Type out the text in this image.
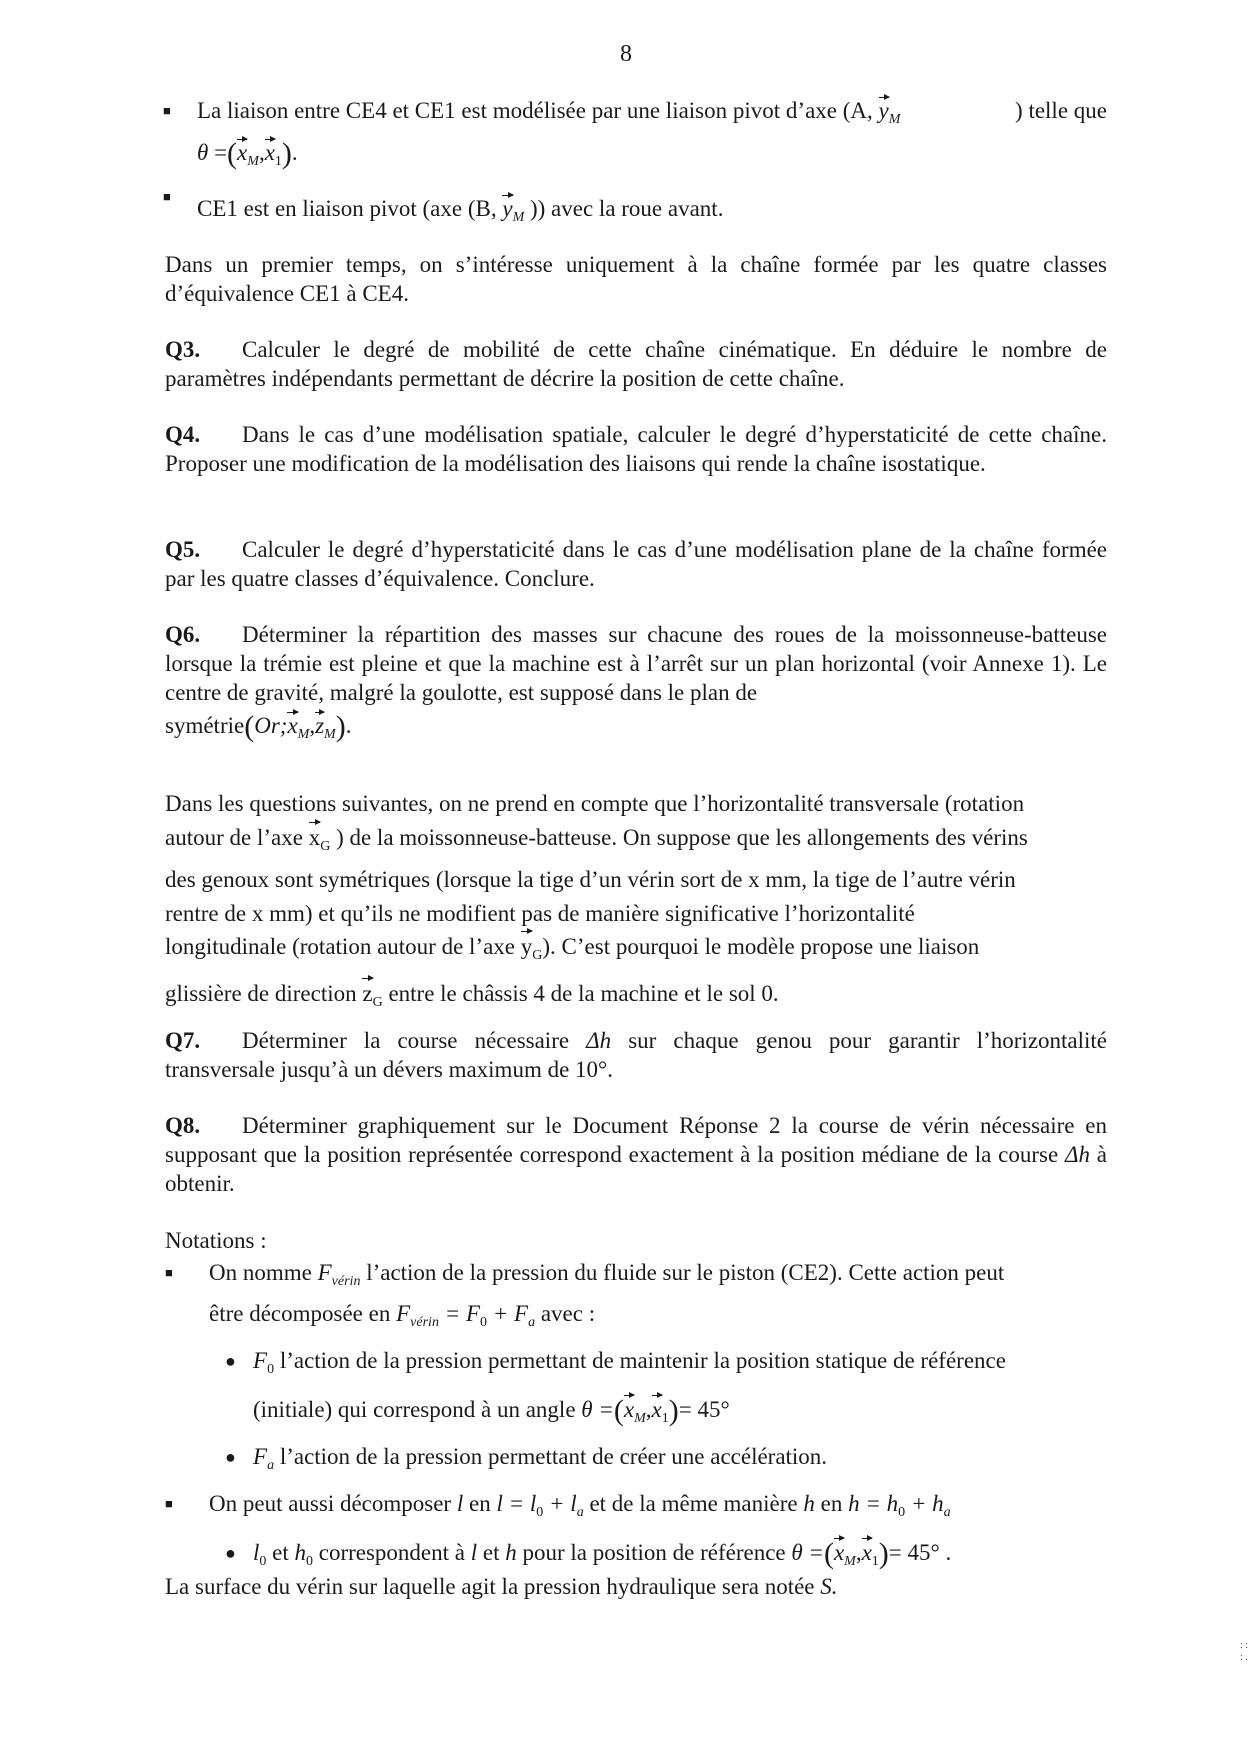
8
■	La liaison entre CE4 et CE1 est modélisée par une liaison pivot d’axe (A, $y_M$	) telle que
$\theta =(x_M,x_1)$.
■	CE1 est en liaison pivot (axe (B, $y_M$ )) avec la roue avant.
Dans un premier temps, on s’intéresse uniquement à la chaîne formée par les quatre classes d’équivalence CE1 à CE4.
Q3. Calculer le degré de mobilité de cette chaîne cinématique. En déduire le nombre de paramètres indépendants permettant de décrire la position de cette chaîne.
Q4. Dans le cas d’une modélisation spatiale, calculer le degré d’hyperstaticité de cette chaîne. Proposer une modification de la modélisation des liaisons qui rende la chaîne isostatique.
Q5. Calculer le degré d’hyperstaticité dans le cas d’une modélisation plane de la chaîne formée par les quatre classes d’équivalence. Conclure.
Q6. Déterminer la répartition des masses sur chacune des roues de la moissonneuse-batteuse lorsque la trémie est pleine et que la machine est à l’arrêt sur un plan horizontal (voir Annexe 1). Le centre de gravité, malgré la goulotte, est supposé dans le plan de
$symétrie(Or;x_M,z_M)$.
Dans les questions suivantes, on ne prend en compte que l’horizontalité transversale (rotation
autour de l’axe $x_G$ ) de la moissonneuse-batteuse. On suppose que les allongements des vérins
des genoux sont symétriques (lorsque la tige d’un vérin sort de x mm, la tige de l’autre vérin
rentre de x mm) et qu’ils ne modifient pas de manière significative l’horizontalité
longitudinale (rotation autour de l’axe $y_G$). C’est pourquoi le modèle propose une liaison
glissière de direction $z_G$ entre le châssis 4 de la machine et le sol 0.
Q7. Déterminer la course nécessaire Δh sur chaque genou pour garantir l’horizontalité transversale jusqu’à un dévers maximum de 10°.
Q8. Déterminer graphiquement sur le Document Réponse 2 la course de vérin nécessaire en supposant que la position représentée correspond exactement à la position médiane de la course Δh à obtenir.
Notations :
■ On nomme $F_{vérin}$ l’action de la pression du fluide sur le piston (CE2). Cette action peut
être décomposée en $F_{vérin} = F_0 + F_a$ avec :
● $F_0$ l’action de la pression permettant de maintenir la position statique de référence
(initiale) qui correspond à un angle $\theta =(x_M,x_1)= 45^\circ$
● $F_a$ l’action de la pression permettant de créer une accélération.
■ On peut aussi décomposer l en $l = l_0 + l_a$ et de la même manière h en $h = h_0 + h_a$
● $l_0$ et $h_0$ correspondent à l et h pour la position de référence $\theta =(x_M,x_1)= 45^\circ$ .
La surface du vérin sur laquelle agit la pression hydraulique sera notée S.
: : : .
